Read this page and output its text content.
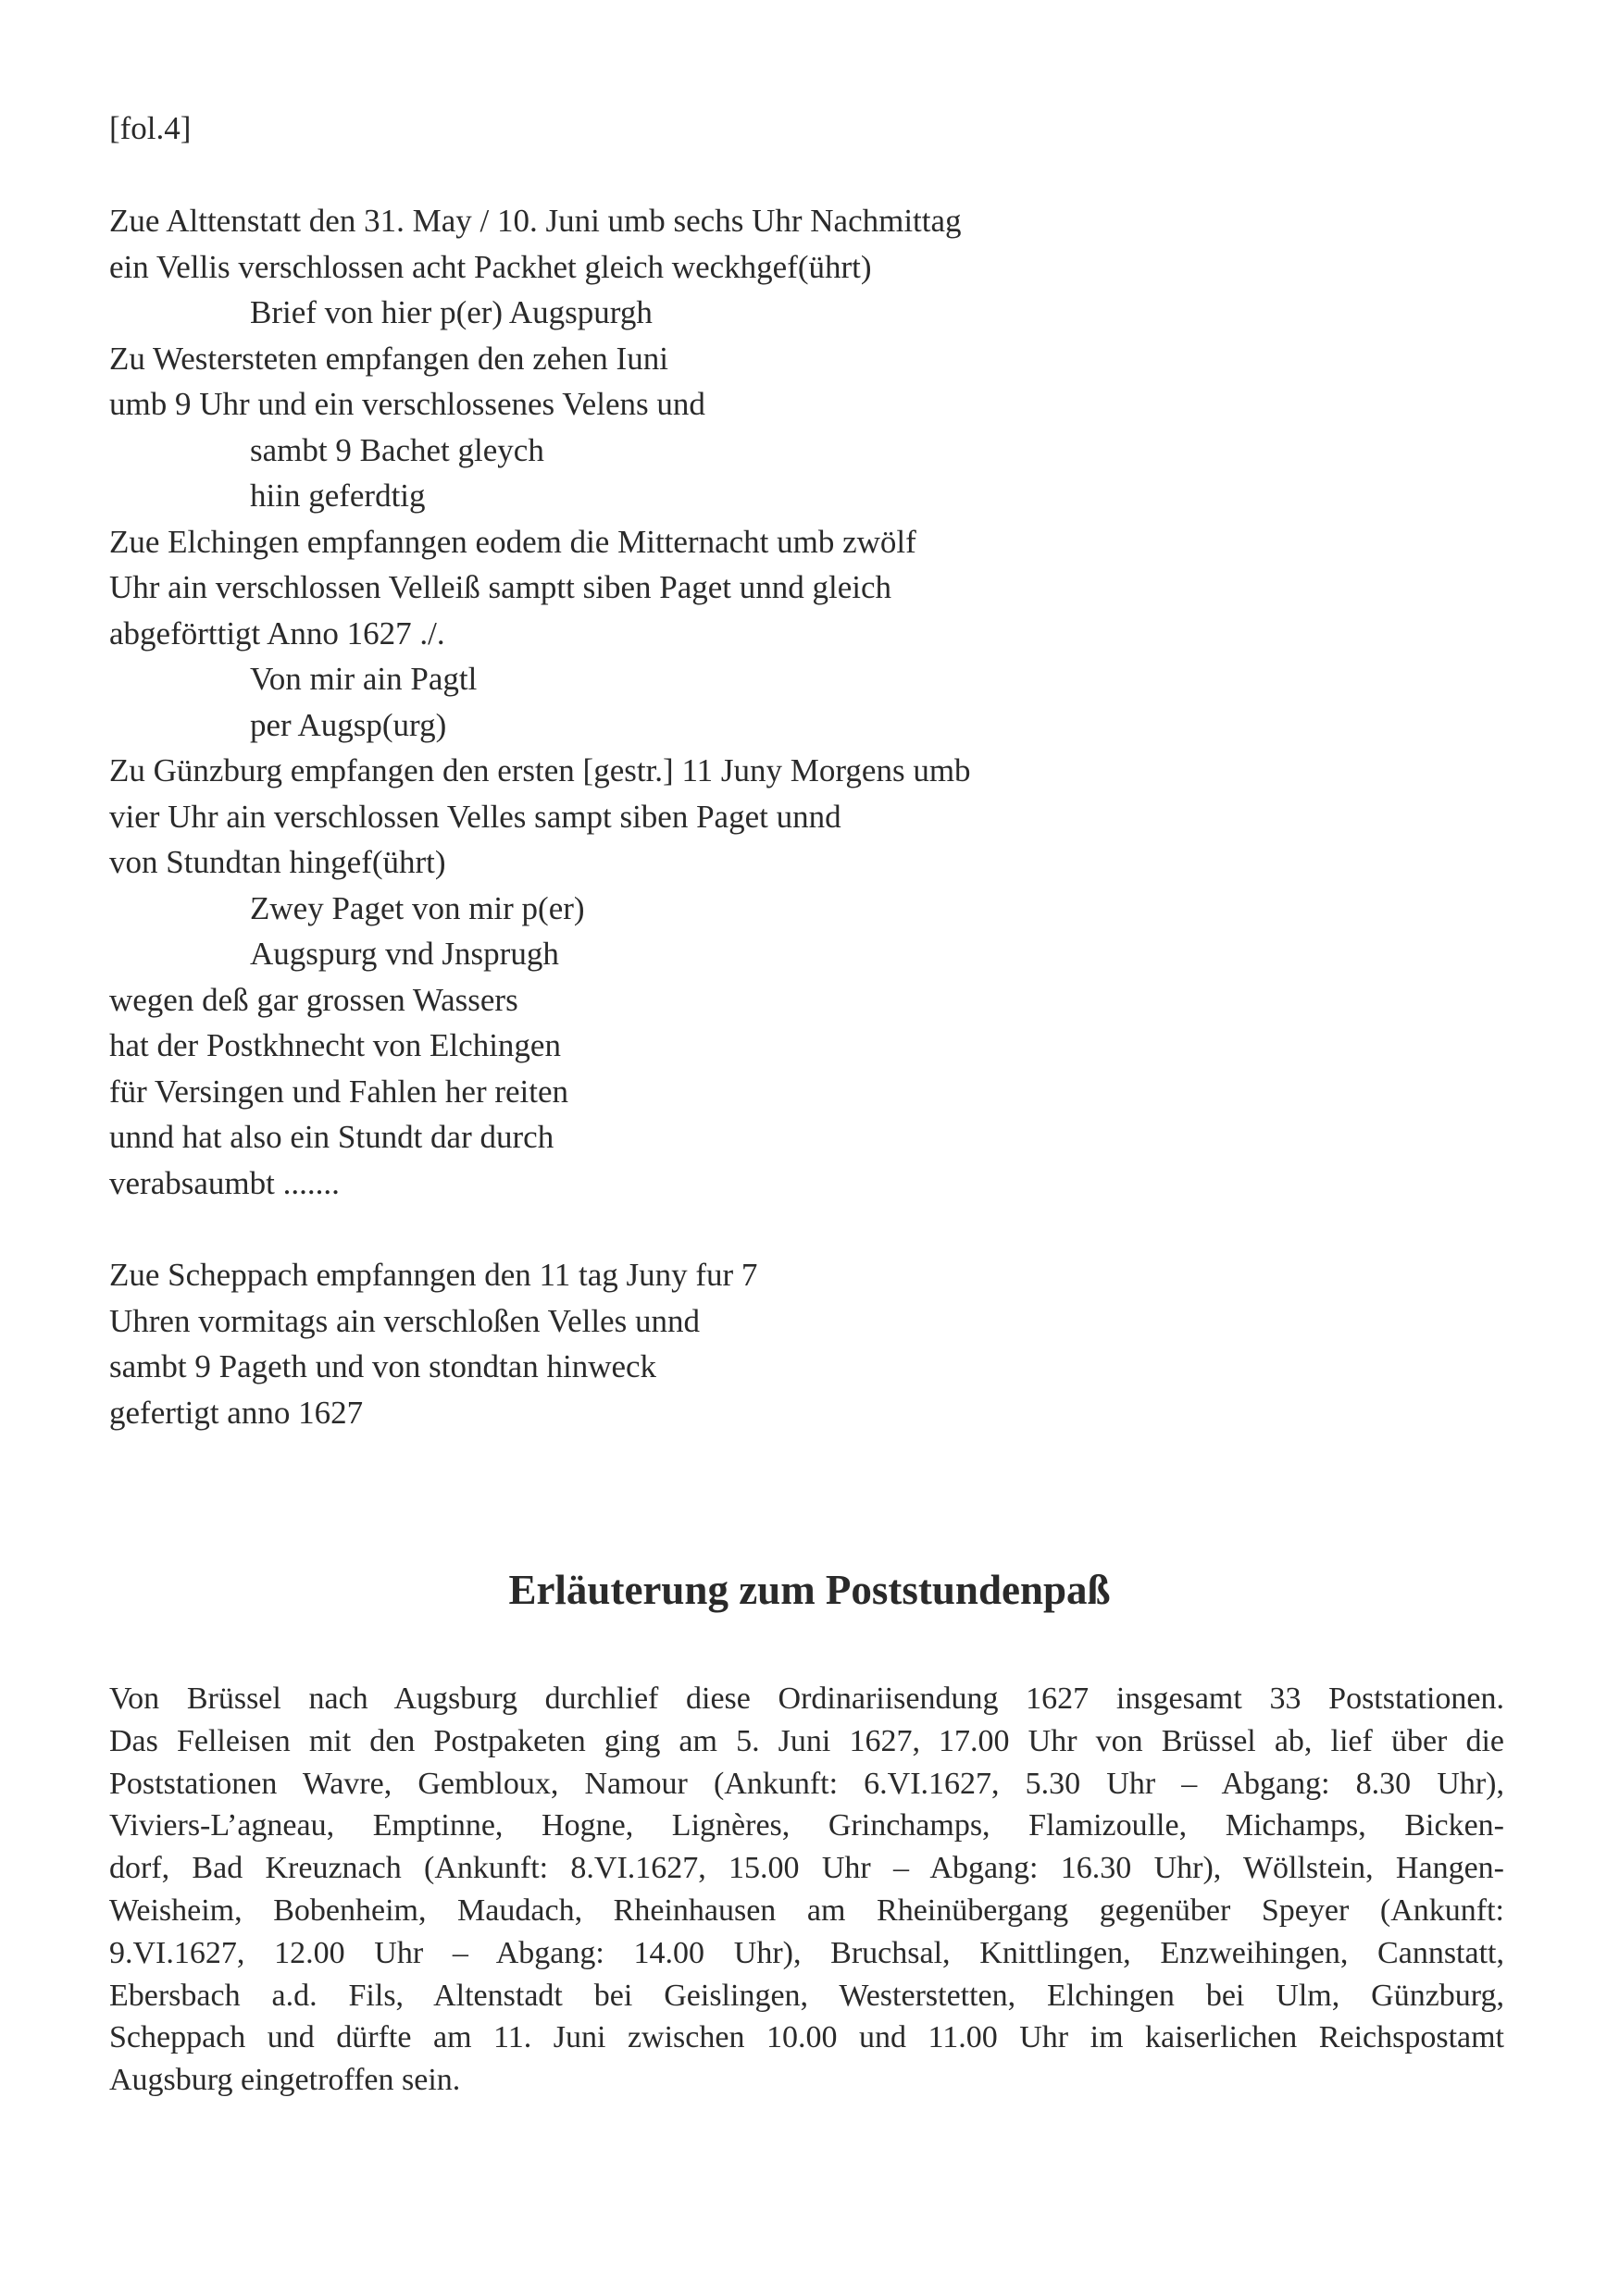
[fol.4]
Zue Alttenstatt den 31. May / 10. Juni umb sechs Uhr Nachmittag
ein Vellis verschlossen acht Packhet gleich weckhgef(ührt)
Brief von hier p(er) Augspurgh
Zu Westersteten empfangen den zehen Iuni
umb 9 Uhr und ein verschlossenes Velens und
sambt 9 Bachet gleych
hiin geferdtig
Zue Elchingen empfanngen eodem die Mitternacht umb zwölf
Uhr ain verschlossen Velleiß samptt siben Paget unnd gleich
abgeförttigt Anno 1627 ./.
Von mir ain Pagtl
per Augsp(urg)
Zu Günzburg empfangen den ersten [gestr.] 11 Juny Morgens umb
vier Uhr ain verschlossen Velles sampt siben Paget unnd
von Stundtan hingef(ührt)
Zwey Paget von mir p(er)
Augspurg vnd Jnsprugh
wegen deß gar grossen Wassers
hat der Postkhnecht von Elchingen
für Versingen und Fahlen her reiten
unnd hat also ein Stundt dar durch
verabsaumbt .......
Zue Scheppach empfanngen den 11 tag Juny fur 7
Uhren vormitags ain verschloßen Velles unnd
sambt 9 Pageth und von stondtan hinweck
gefertigt anno 1627
Erläuterung zum Poststundenpaß
Von Brüssel nach Augsburg durchlief diese Ordinariisendung 1627 insgesamt 33 Poststationen.
Das Felleisen mit den Postpaketen ging am 5. Juni 1627, 17.00 Uhr von Brüssel ab, lief über die
Poststationen Wavre, Gembloux, Namour (Ankunft: 6.VI.1627, 5.30 Uhr – Abgang: 8.30 Uhr),
Viviers-L’agneau, Emptinne, Hogne, Lignères, Grinchamps, Flamizoulle, Michamps, Bicken-
dorf, Bad Kreuznach (Ankunft: 8.VI.1627, 15.00 Uhr – Abgang: 16.30 Uhr), Wöllstein, Hangen-
Weisheim, Bobenheim, Maudach, Rheinhausen am Rheinübergang gegenüber Speyer (Ankunft:
9.VI.1627, 12.00 Uhr – Abgang: 14.00 Uhr), Bruchsal, Knittlingen, Enzweihingen, Cannstatt,
Ebersbach a.d. Fils, Altenstadt bei Geislingen, Westerstetten, Elchingen bei Ulm, Günzburg,
Scheppach und dürfte am 11. Juni zwischen 10.00 und 11.00 Uhr im kaiserlichen Reichspostamt
Augsburg eingetroffen sein.
